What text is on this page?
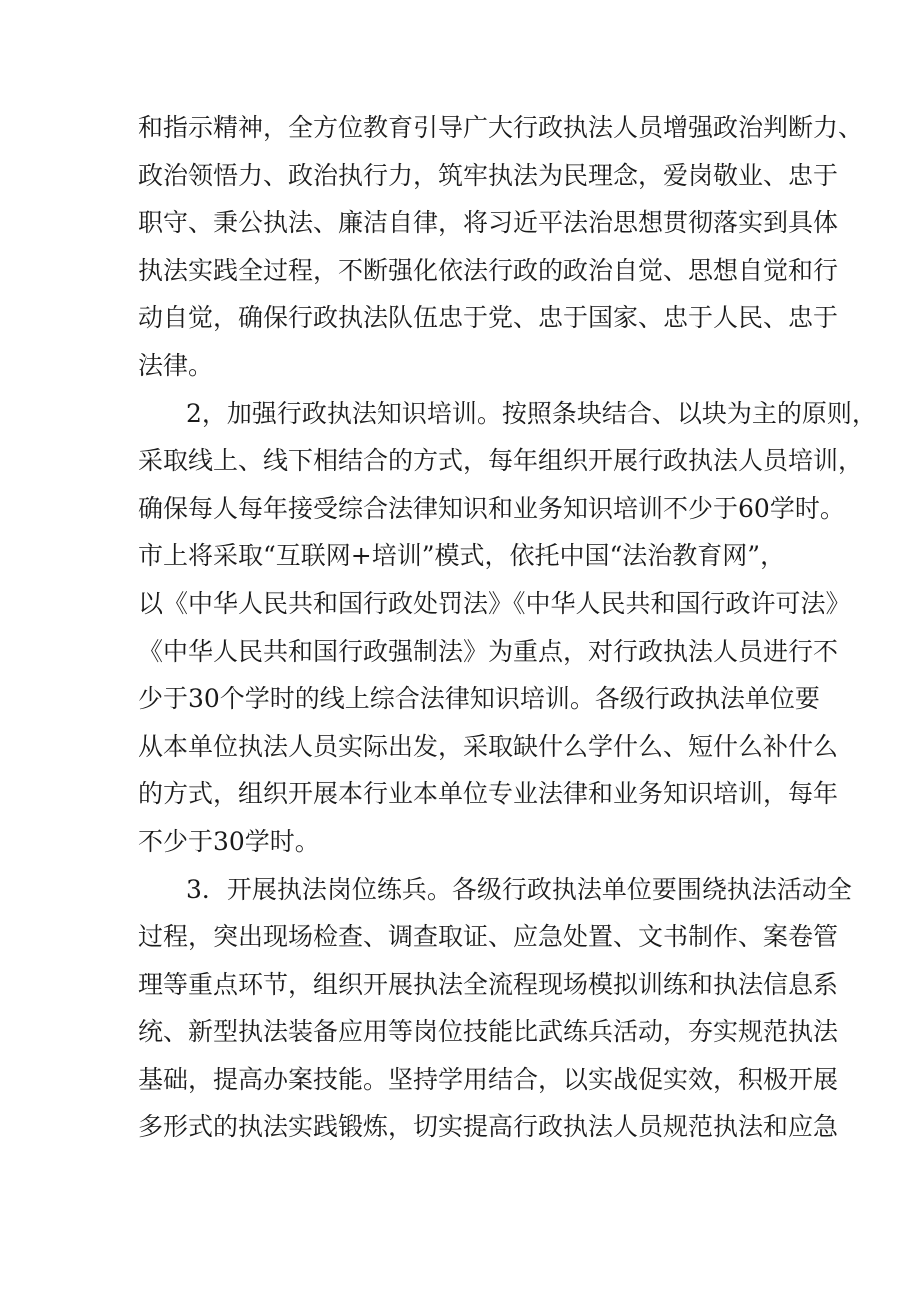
和指示精神，全方位教育引导广大行政执法人员增强政治判断力、
政治领悟力、政治执行力，筑牢执法为民理念，爱岗敬业、忠于
职守、秉公执法、廉洁自律，将习近平法治思想贯彻落实到具体
执法实践全过程，不断强化依法行政的政治自觉、思想自觉和行
动自觉，确保行政执法队伍忠于党、忠于国家、忠于人民、忠于
法律。
2，加强行政执法知识培训。按照条块结合、以块为主的原则，
采取线上、线下相结合的方式，每年组织开展行政执法人员培训，
确保每人每年接受综合法律知识和业务知识培训不少于60学时。
市上将采取“互联网+培训”模式，依托中国“法治教育网”，
以《中华人民共和国行政处罚法》《中华人民共和国行政许可法》
《中华人民共和国行政强制法》为重点，对行政执法人员进行不
少于30个学时的线上综合法律知识培训。各级行政执法单位要
从本单位执法人员实际出发，采取缺什么学什么、短什么补什么
的方式，组织开展本行业本单位专业法律和业务知识培训，每年
不少于30学时。
3．开展执法岗位练兵。各级行政执法单位要围绕执法活动全
过程，突出现场检查、调查取证、应急处置、文书制作、案卷管
理等重点环节，组织开展执法全流程现场模拟训练和执法信息系
统、新型执法装备应用等岗位技能比武练兵活动，夯实规范执法
基础，提高办案技能。坚持学用结合，以实战促实效，积极开展
多形式的执法实践锻炼，切实提高行政执法人员规范执法和应急
